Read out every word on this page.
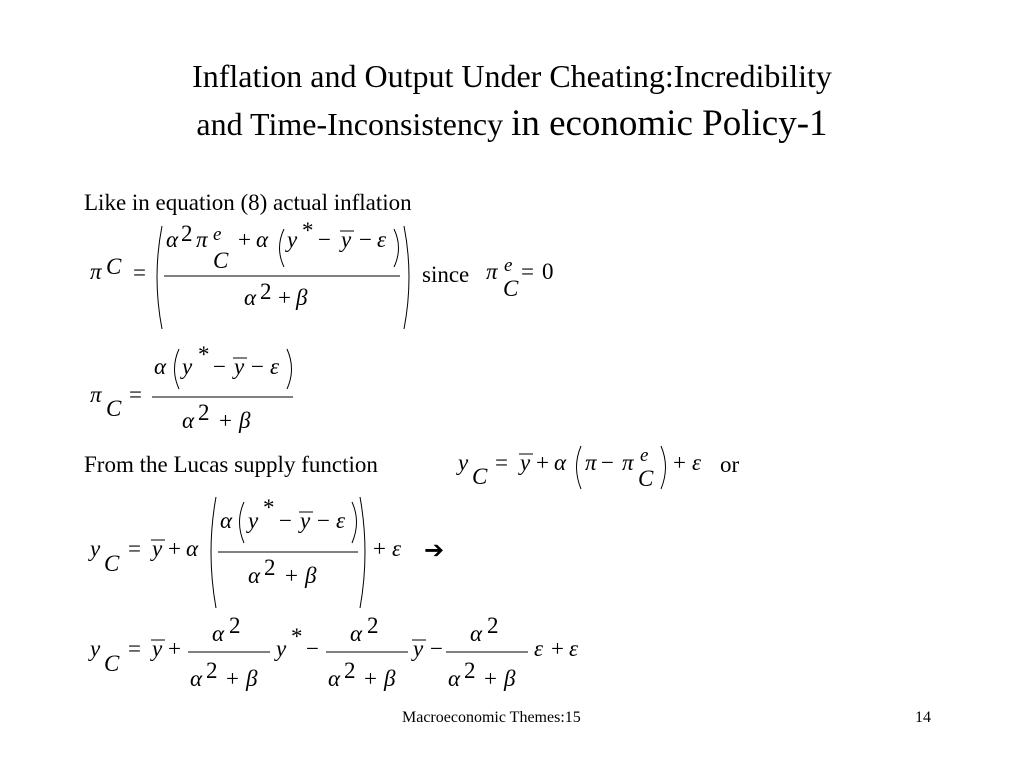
Inflation and Output Under Cheating:Incredibility
and Time-Inconsistency in economic Policy-1
Like in equation (8) actual inflation
From the Lucas supply function
since
or
➔
π C =
α 2 π e
C
+ α y * − y − ε
α 2 + β
π e
C
= 0
π
C
=
α y * − y − ε
α 2 + β
y
C
= y + α π − π e
C
+ ε
y
C
= y + α
α y
*
− y − ε
α 2 + β
+ ε
y
C
= y +
α 2
α 2 + β
y * −
α 2
α 2 + β
y −
α 2
α 2 + β
ε + ε
Macroeconomic Themes:15	14
